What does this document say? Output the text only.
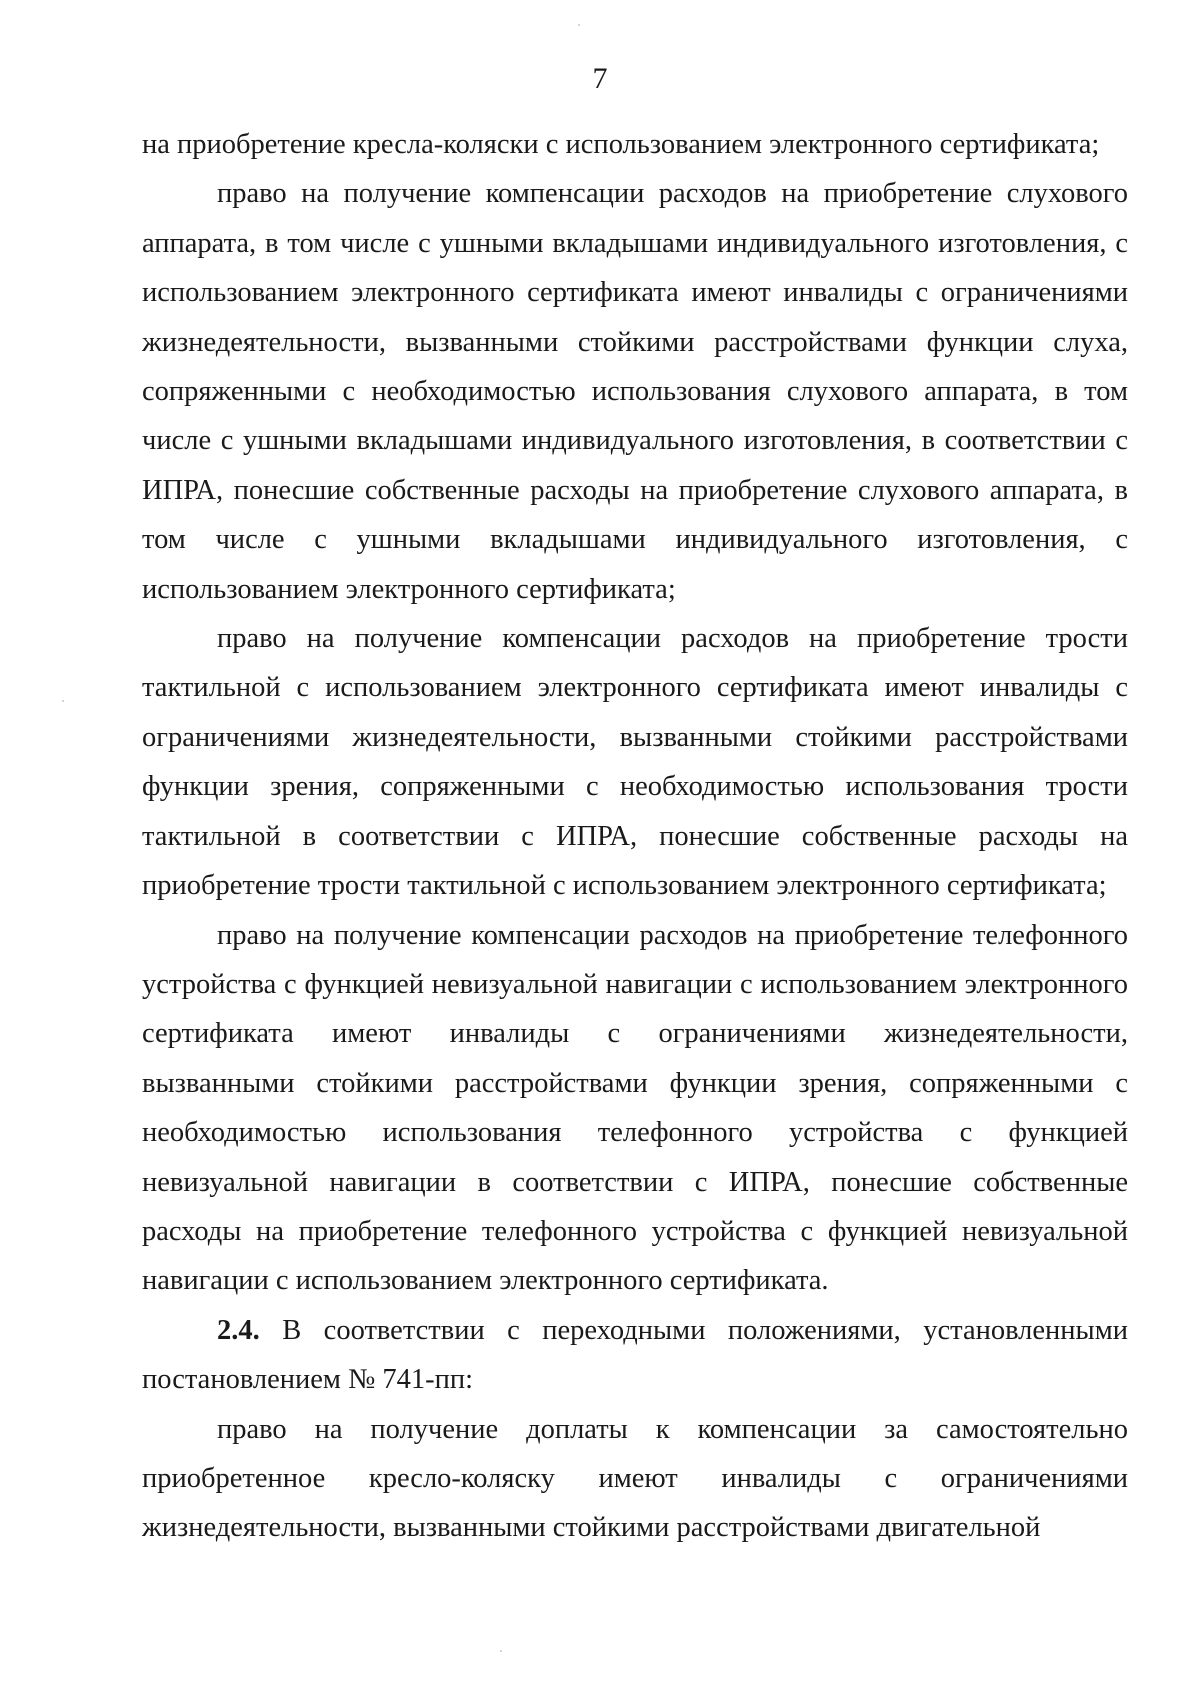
7

на приобретение кресла-коляски с использованием электронного сертификата;

право на получение компенсации расходов на приобретение слухового аппарата, в том числе с ушными вкладышами индивидуального изготовления, с использованием электронного сертификата имеют инвалиды с ограничениями жизнедеятельности, вызванными стойкими расстройствами функции слуха, сопряженными с необходимостью использования слухового аппарата, в том числе с ушными вкладышами индивидуального изготовления, в соответствии с ИПРА, понесшие собственные расходы на приобретение слухового аппарата, в том числе с ушными вкладышами индивидуального изготовления, с использованием электронного сертификата;

право на получение компенсации расходов на приобретение трости тактильной с использованием электронного сертификата имеют инвалиды с ограничениями жизнедеятельности, вызванными стойкими расстройствами функции зрения, сопряженными с необходимостью использования трости тактильной в соответствии с ИПРА, понесшие собственные расходы на приобретение трости тактильной с использованием электронного сертификата;

право на получение компенсации расходов на приобретение телефонного устройства с функцией невизуальной навигации с использованием электронного сертификата имеют инвалиды с ограничениями жизнедеятельности, вызванными стойкими расстройствами функции зрения, сопряженными с необходимостью использования телефонного устройства с функцией невизуальной навигации в соответствии с ИПРА, понесшие собственные расходы на приобретение телефонного устройства с функцией невизуальной навигации с использованием электронного сертификата.

2.4. В соответствии с переходными положениями, установленными постановлением № 741-пп:

право на получение доплаты к компенсации за самостоятельно приобретенное кресло-коляску имеют инвалиды с ограничениями жизнедеятельности, вызванными стойкими расстройствами двигательной
